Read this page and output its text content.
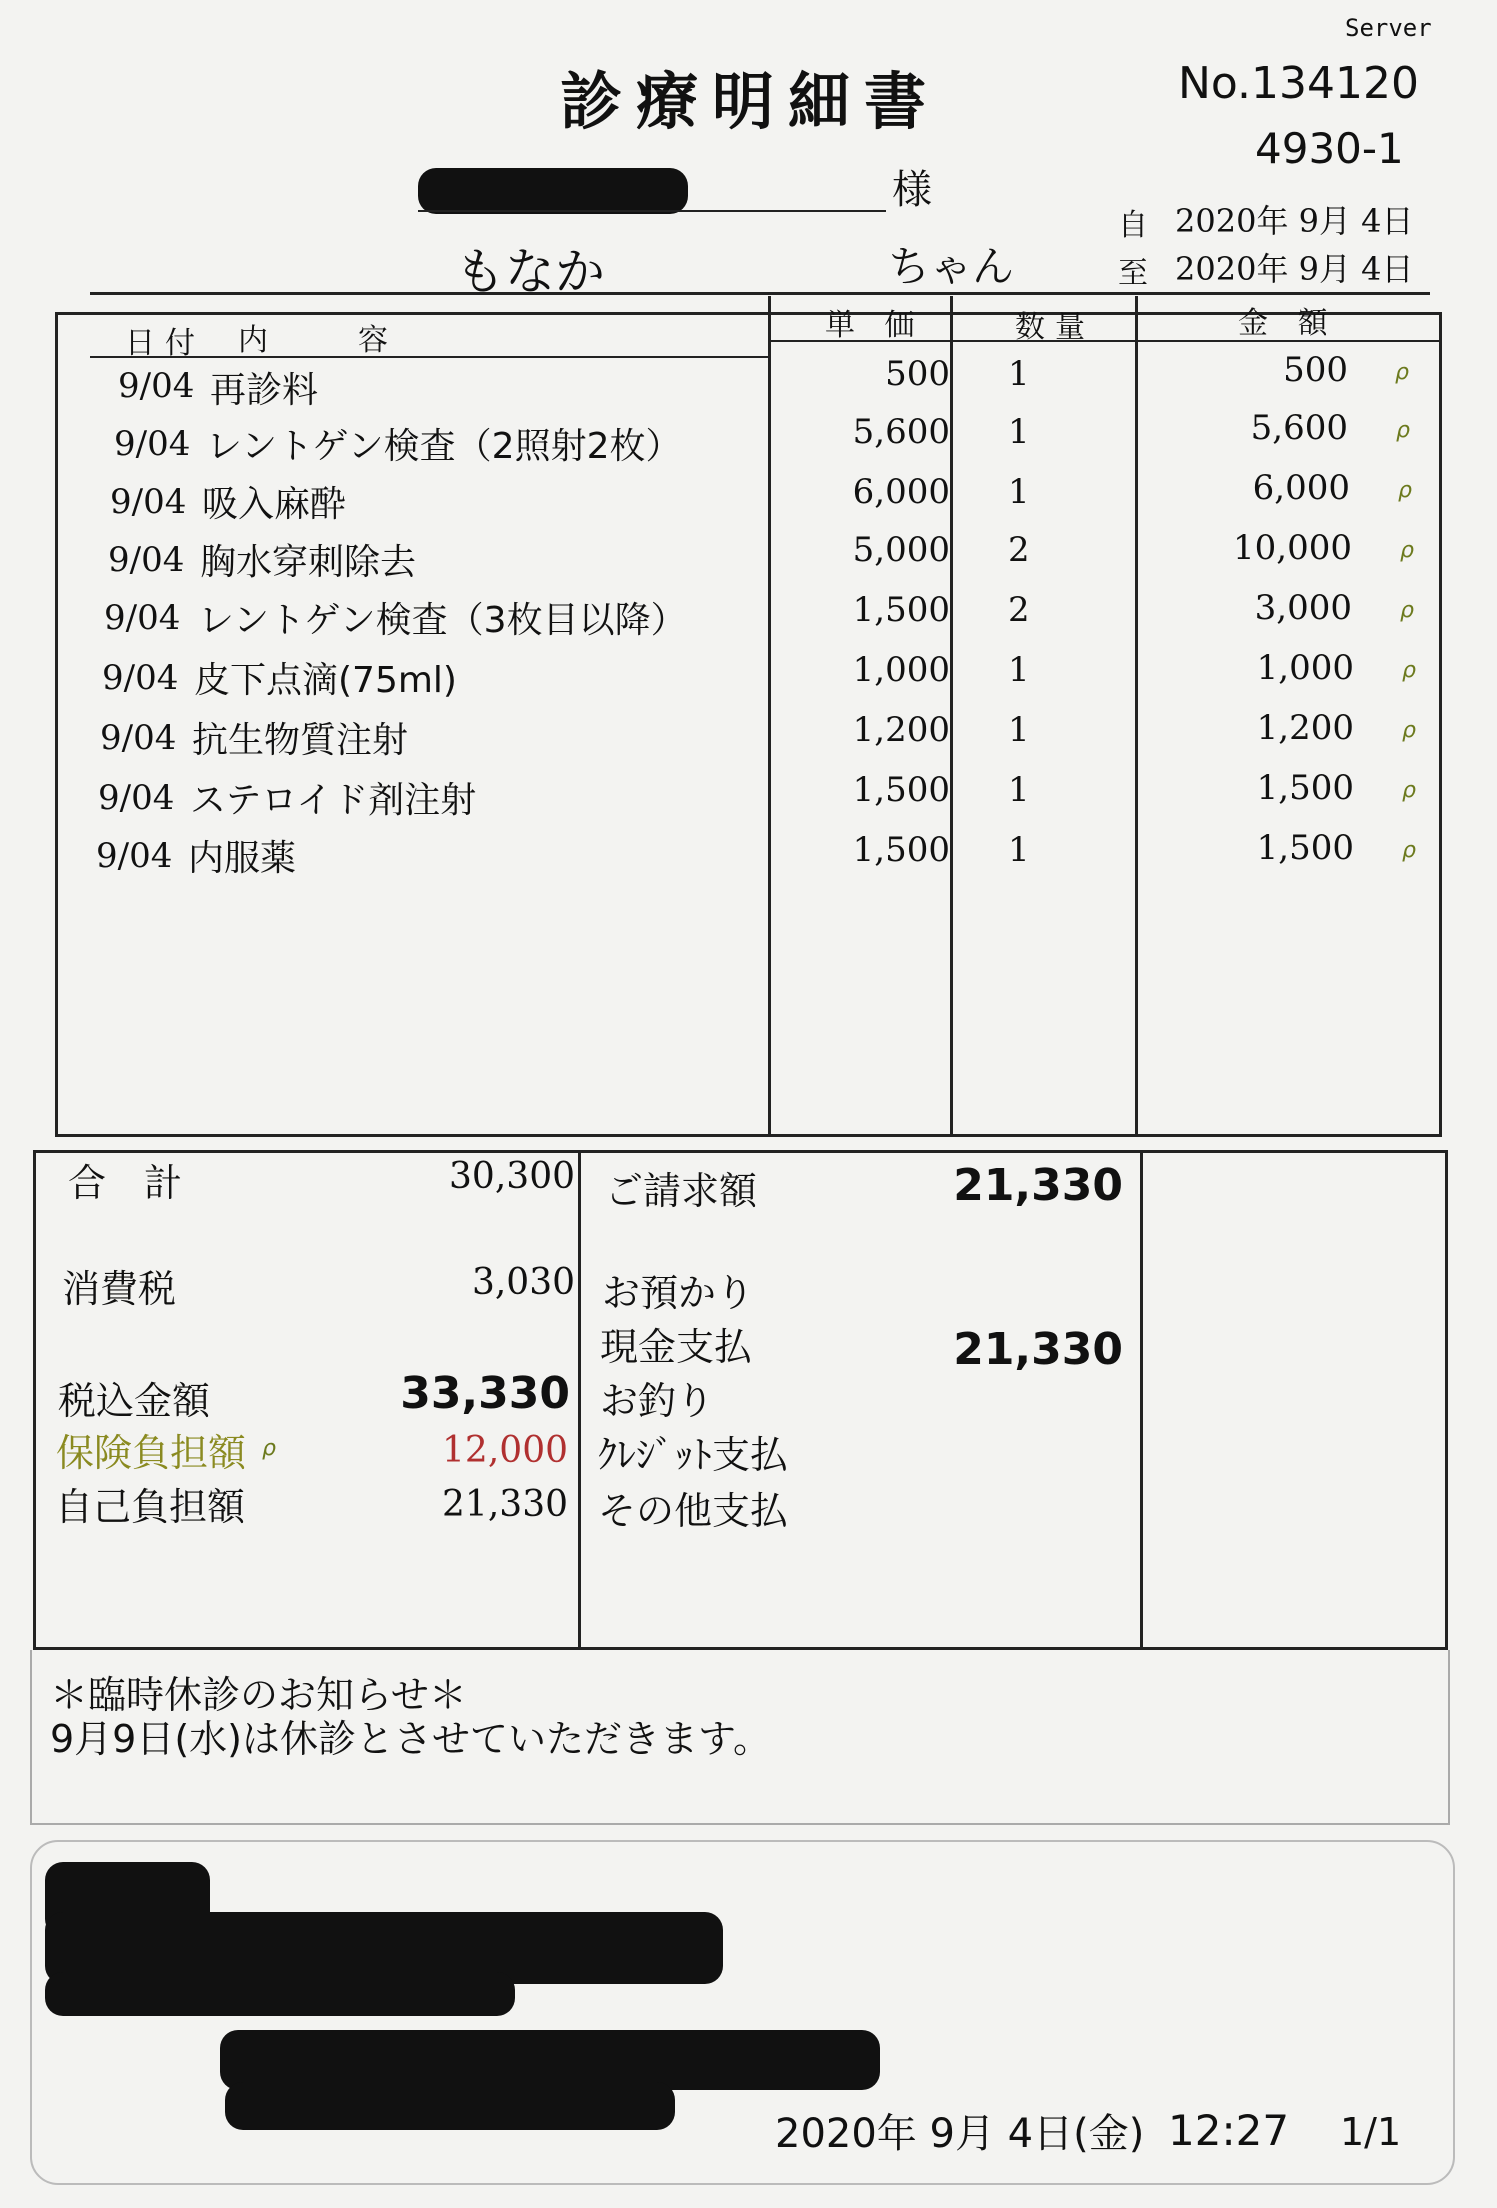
Server
診療明細書	No.134120
4930-1
様
もなか	ちゃん
自 2020年 9月 4日
至 2020年 9月 4日
日付 内　　容	単 価	数量	金 額
9/04 再診料	500 1	500 ρ
9/04 レントゲン検査（2照射2枚）	5,600 1	5,600 ρ
9/04 吸入麻酔	6,000 1	6,000 ρ
9/04 胸水穿刺除去	5,000 2	10,000 ρ
9/04 レントゲン検査（3枚目以降）	1,500 2	3,000 ρ
9/04 皮下点滴(75ml)	1,000 1	1,000 ρ
9/04 抗生物質注射	1,200 1	1,200 ρ
9/04 ステロイド剤注射	1,500 1	1,500 ρ
9/04 内服薬	1,500 1	1,500 ρ
合　計	30,300
消費税	3,030
税込金額	33,330
保険負担額 ρ	12,000
自己負担額	21,330
ご請求額	21,330
お預かり
現金支払	21,330
お釣り
ｸﾚｼﾞｯﾄ支払
その他支払
＊臨時休診のお知らせ＊
9月9日(水)は休診とさせていただきます。
2020年 9月 4日(金) 12:27 1/1
